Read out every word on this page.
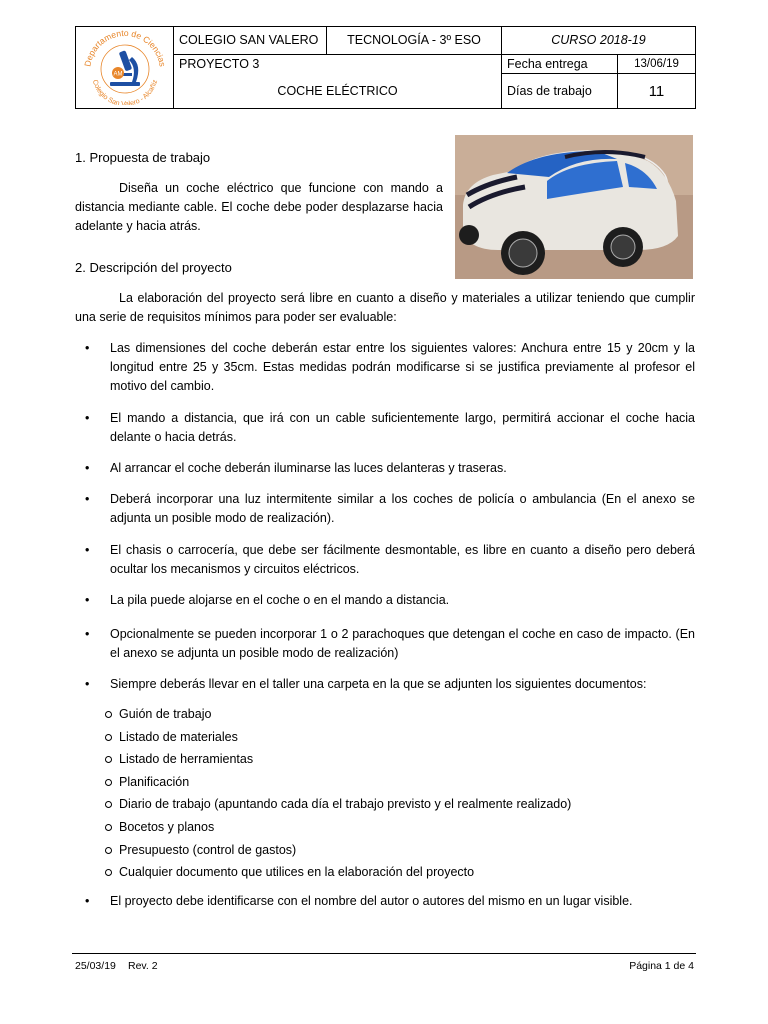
Departamento de Ciencias
Colegio San Valero - Alcañiz
AM	COLEGIO SAN VALERO	TECNOLOGÍA - 3º ESO	CURSO 2018-19	
	PROYECTO 3		Fecha entrega	13/06/19
	COCHE ELÉCTRICO		Días de trabajo	11
1. Propuesta de trabajo
Diseña un coche eléctrico que funcione con mando a distancia mediante cable. El coche debe poder desplazarse hacia adelante y hacia atrás.
2. Descripción del proyecto
La elaboración del proyecto será libre en cuanto a diseño y materiales a utilizar teniendo que cumplir una serie de requisitos mínimos para poder ser evaluable:
•	Las dimensiones del coche deberán estar entre los siguientes valores: Anchura entre 15 y 20cm y la longitud entre 25 y 35cm. Estas medidas podrán modificarse si se justifica previamente al profesor el motivo del cambio.
•	El mando a distancia, que irá con un cable suficientemente largo, permitirá accionar el coche hacia delante o hacia detrás.
•	Al arrancar el coche deberán iluminarse las luces delanteras y traseras.
•	Deberá incorporar una luz intermitente similar a los coches de policía o ambulancia (En el anexo se adjunta un posible modo de realización).
•	El chasis o carrocería, que debe ser fácilmente desmontable, es libre en cuanto a diseño pero deberá ocultar los mecanismos y circuitos eléctricos.
•	La pila puede alojarse en el coche o en el mando a distancia.
•	Opcionalmente se pueden incorporar 1 o 2 parachoques que detengan el coche en caso de impacto. (En el anexo se adjunta un posible modo de realización)
•	Siempre deberás llevar en el taller una carpeta en la que se adjunten los siguientes documentos:
Guión de trabajo
Listado de materiales
Listado de herramientas
Planificación
Diario de trabajo (apuntando cada día el trabajo previsto y el realmente realizado)
Bocetos y planos
Presupuesto (control de gastos)
Cualquier documento que utilices en la elaboración del proyecto
•	El proyecto debe identificarse con el nombre del autor o autores del mismo en un lugar visible.
25/03/19 Rev. 2	Página 1 de 4
